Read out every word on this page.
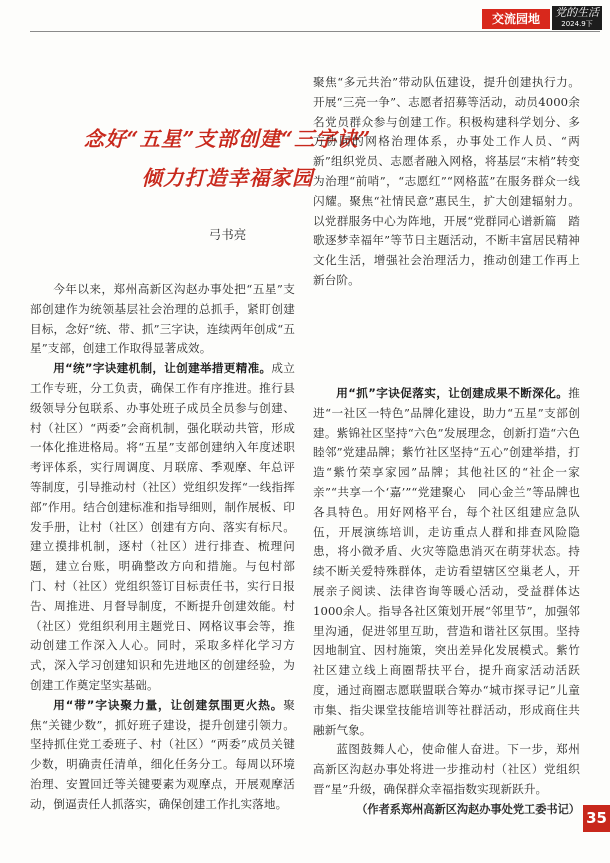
交流园地	党的生活
2024.9下
念好“五星”支部创建“三字诀”
倾力打造幸福家园
弓书亮

今年以来，郑州高新区沟赵办事处把“五星”支部创建作为统领基层社会治理的总抓手，紧盯创建目标，念好“统、带、抓”三字诀，连续两年创成“五星”支部，创建工作取得显著成效。

用“统”字诀建机制，让创建举措更精准。成立工作专班，分工负责，确保工作有序推进。推行县级领导分包联系、办事处班子成员全员参与创建、村（社区）“两委”会商机制，强化联动共管，形成一体化推进格局。将“五星”支部创建纳入年度述职考评体系，实行周调度、月联席、季观摩、年总评等制度，引导推动村（社区）党组织发挥“一线指挥部”作用。结合创建标准和指导细则，制作展板、印发手册，让村（社区）创建有方向、落实有标尺。建立摸排机制，逐村（社区）进行排查、梳理问题，建立台账，明确整改方向和措施。与包村部门、村（社区）党组织签订目标责任书，实行日报告、周推进、月督导制度，不断提升创建效能。村（社区）党组织利用主题党日、网格议事会等，推动创建工作深入人心。同时，采取多样化学习方式，深入学习创建知识和先进地区的创建经验，为创建工作奠定坚实基础。

用“带”字诀聚力量，让创建氛围更火热。聚焦“关键少数”，抓好班子建设，提升创建引领力。坚持抓住党工委班子、村（社区）“两委”成员关键少数，明确责任清单，细化任务分工。每周以环境治理、安置回迁等关键要素为观摩点，开展观摩活动，倒逼责任人抓落实，确保创建工作扎实落地。

用“抓”字诀促落实，让创建成果不断深化。推进“一社区一特色”品牌化建设，助力“五星”支部创建。紫锦社区坚持“六色”发展理念，创新打造“六色睦邻”党建品牌；紫竹社区坚持“五心”创建举措，打造“紫竹荣享家园”品牌；其他社区的“社企一家亲”“共享一个‘嘉’”“党建聚心　同心金兰”等品牌也各具特色。用好网格平台，每个社区组建应急队伍，开展演练培训，走访重点人群和排查风险隐患，将小微矛盾、火灾等隐患消灭在萌芽状态。持续不断关爱特殊群体，走访看望辖区空巢老人，开展亲子阅读、法律咨询等暖心活动，受益群体达1000余人。指导各社区策划开展“邻里节”，加强邻里沟通，促进邻里互助，营造和谐社区氛围。坚持因地制宜、因村施策，突出差异化发展模式。紫竹社区建立线上商圈帮扶平台，提升商家活动活跃度，通过商圈志愿联盟联合筹办“城市探寻记”儿童市集、指尖课堂技能培训等社群活动，形成商住共融新气象。

蓝图鼓舞人心，使命催人奋进。下一步，郑州高新区沟赵办事处将进一步推动村（社区）党组织晋“星”升级，确保群众幸福指数实现新跃升。

（作者系郑州高新区沟赵办事处党工委书记） 35

聚焦“多元共治”带动队伍建设，提升创建执行力。开展“三亮一争”、志愿者招募等活动，动员4000余名党员群众参与创建工作。积极构建科学划分、多方协同的网格治理体系，办事处工作人员、“两新”组织党员、志愿者融入网格，将基层“末梢”转变为治理“前哨”，“志愿红”“网格蓝”在服务群众一线闪耀。聚焦“社情民意”惠民生，扩大创建辐射力。以党群服务中心为阵地，开展“党群同心谱新篇　踏歌逐梦幸福年”等节日主题活动，不断丰富居民精神文化生活，增强社会治理活力，推动创建工作再上新台阶。
